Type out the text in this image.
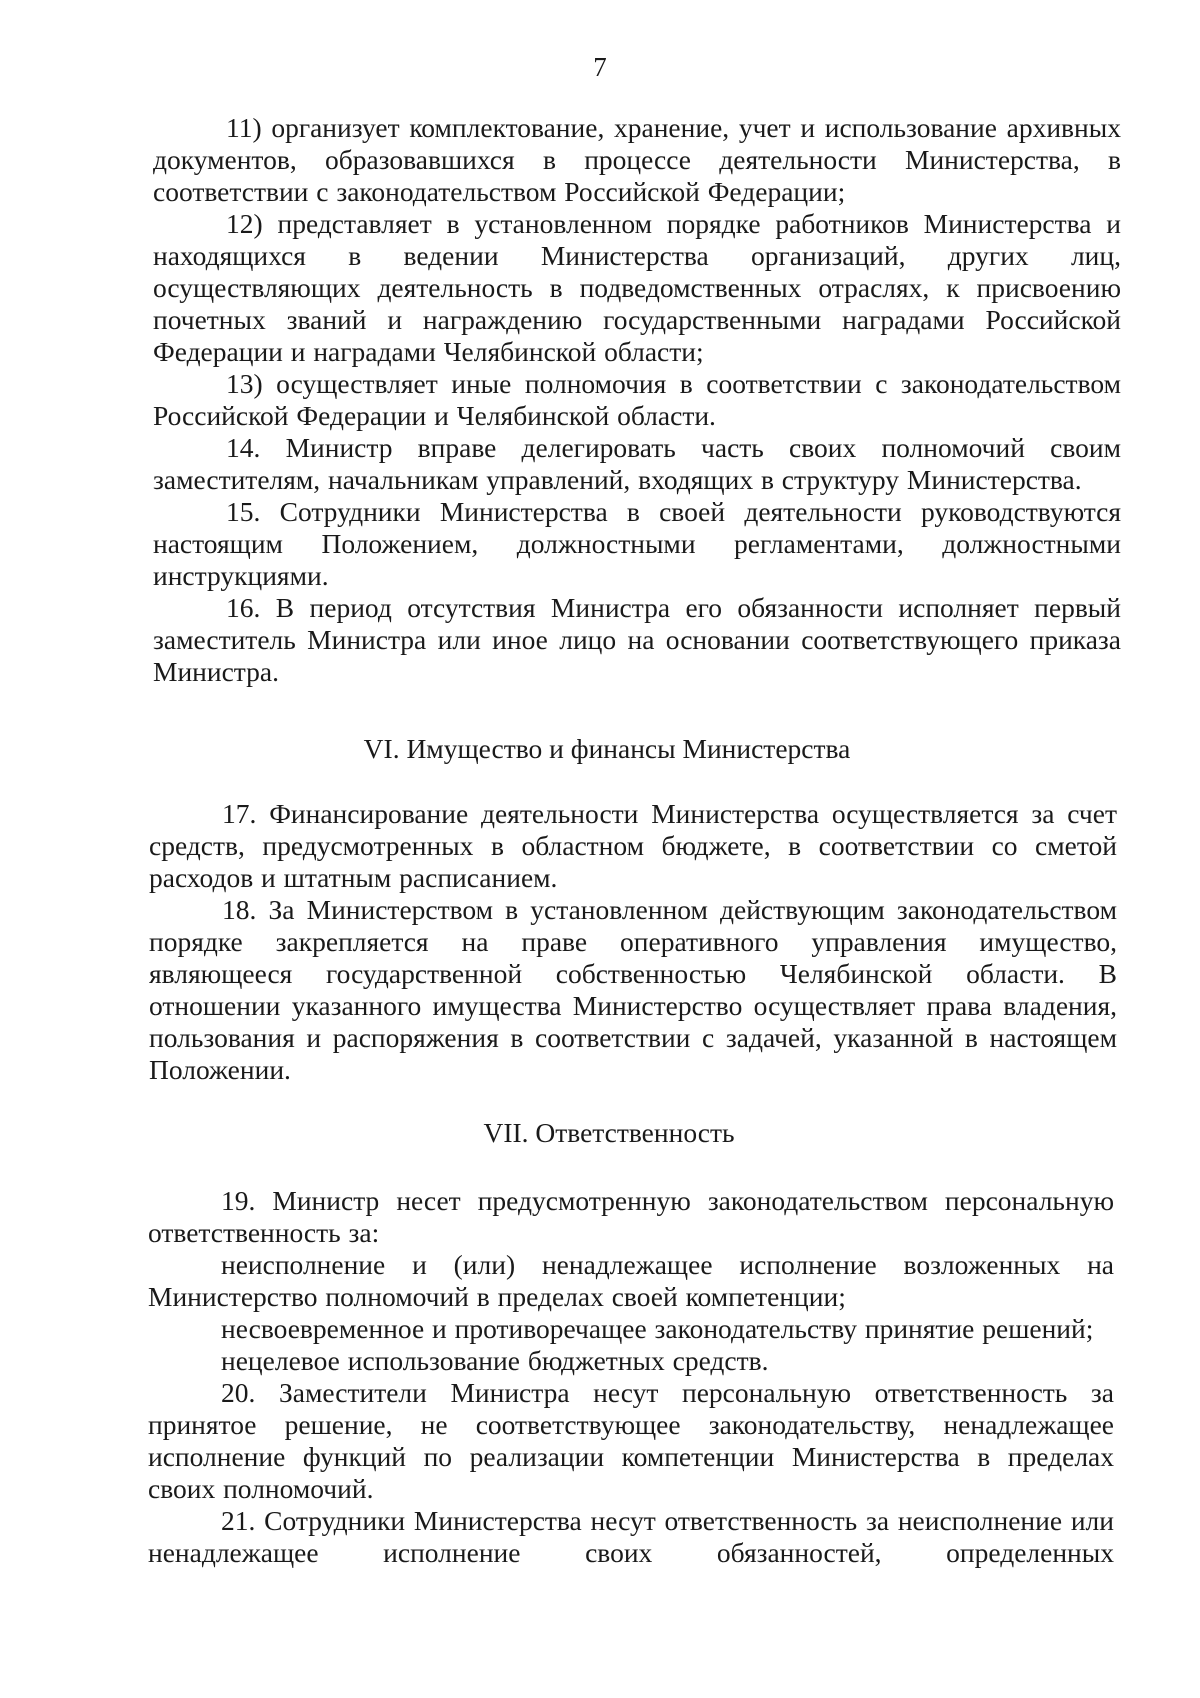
7

11) организует комплектование, хранение, учет и использование архивных документов, образовавшихся в процессе деятельности Министерства, в соответствии с законодательством Российской Федерации;

12) представляет в установленном порядке работников Министерства и находящихся в ведении Министерства организаций, других лиц, осуществляющих деятельность в подведомственных отраслях, к присвоению почетных званий и награждению государственными наградами Российской Федерации и наградами Челябинской области;

13) осуществляет иные полномочия в соответствии с законодательством Российской Федерации и Челябинской области.

14. Министр вправе делегировать часть своих полномочий своим заместителям, начальникам управлений, входящих в структуру Министерства.

15. Сотрудники Министерства в своей деятельности руководствуются настоящим Положением, должностными регламентами, должностными инструкциями.

16. В период отсутствия Министра его обязанности исполняет первый заместитель Министра или иное лицо на основании соответствующего приказа Министра.

VI. Имущество и финансы Министерства

17. Финансирование деятельности Министерства осуществляется за счет средств, предусмотренных в областном бюджете, в соответствии со сметой расходов и штатным расписанием.

18. За Министерством в установленном действующим законодательством порядке закрепляется на праве оперативного управления имущество, являющееся государственной собственностью Челябинской области. В отношении указанного имущества Министерство осуществляет права владения, пользования и распоряжения в соответствии с задачей, указанной в настоящем Положении.

VII. Ответственность

19. Министр несет предусмотренную законодательством персональную ответственность за:

неисполнение и (или) ненадлежащее исполнение возложенных на Министерство полномочий в пределах своей компетенции;

несвоевременное и противоречащее законодательству принятие решений;

нецелевое использование бюджетных средств.

20. Заместители Министра несут персональную ответственность за принятое решение, не соответствующее законодательству, ненадлежащее исполнение функций по реализации компетенции Министерства в пределах своих полномочий.

21. Сотрудники Министерства несут ответственность за неисполнение или ненадлежащее исполнение своих обязанностей, определенных
